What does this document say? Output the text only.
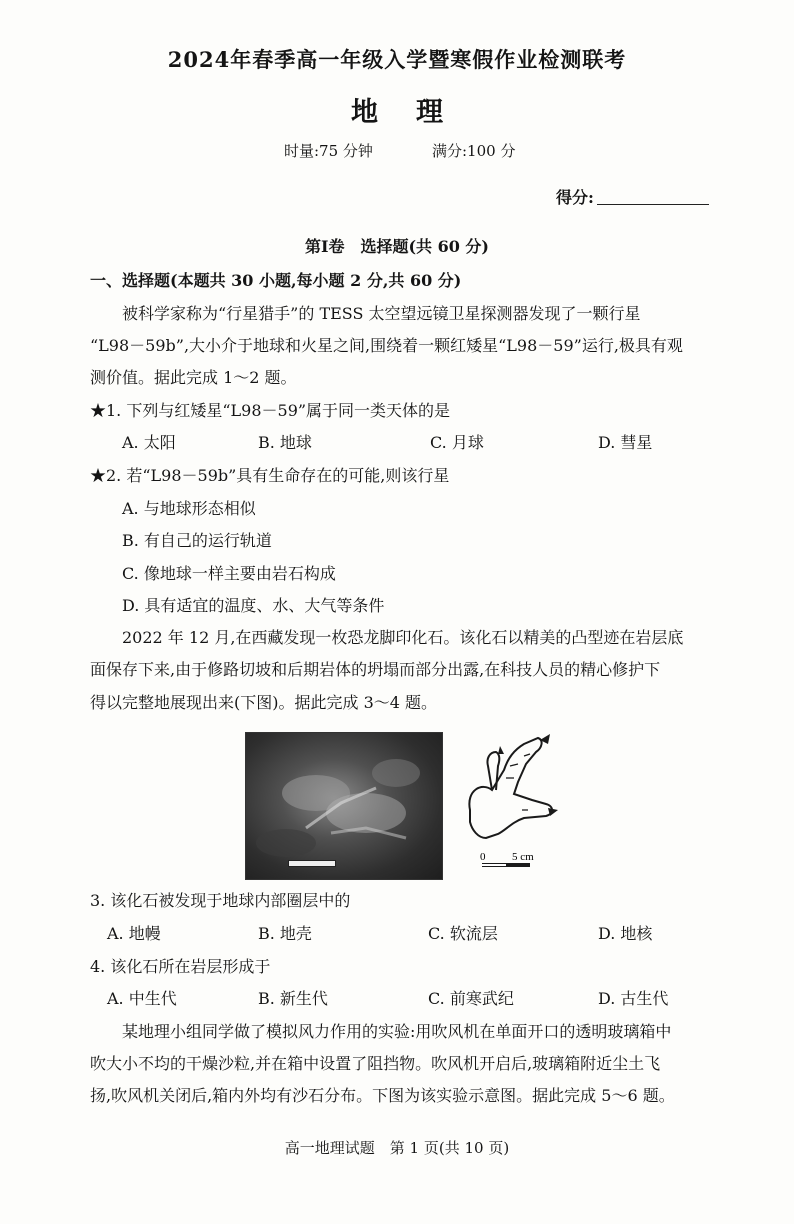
2024年春季高一年级入学暨寒假作业检测联考
地理
时量:75 分钟	满分:100 分
得分:
第Ⅰ卷　选择题(共 60 分)
一、选择题(本题共 30 小题,每小题 2 分,共 60 分)
被科学家称为“行星猎手”的 TESS 太空望远镜卫星探测器发现了一颗行星
“L98－59b”,大小介于地球和火星之间,围绕着一颗红矮星“L98－59”运行,极具有观
测价值。据此完成 1～2 题。
★1. 下列与红矮星“L98－59”属于同一类天体的是
A. 太阳	B. 地球	C. 月球	D. 彗星
★2. 若“L98－59b”具有生命存在的可能,则该行星
A. 与地球形态相似
B. 有自己的运行轨道
C. 像地球一样主要由岩石构成
D. 具有适宜的温度、水、大气等条件
2022 年 12 月,在西藏发现一枚恐龙脚印化石。该化石以精美的凸型迹在岩层底
面保存下来,由于修路切坡和后期岩体的坍塌而部分出露,在科技人员的精心修护下
得以完整地展现出来(下图)。据此完成 3～4 题。
0 5 cm
3. 该化石被发现于地球内部圈层中的
A. 地幔	B. 地壳	C. 软流层	D. 地核
4. 该化石所在岩层形成于
A. 中生代	B. 新生代	C. 前寒武纪	D. 古生代
某地理小组同学做了模拟风力作用的实验:用吹风机在单面开口的透明玻璃箱中
吹大小不均的干燥沙粒,并在箱中设置了阻挡物。吹风机开启后,玻璃箱附近尘土飞
扬,吹风机关闭后,箱内外均有沙石分布。下图为该实验示意图。据此完成 5～6 题。
高一地理试题　第 1 页(共 10 页)
